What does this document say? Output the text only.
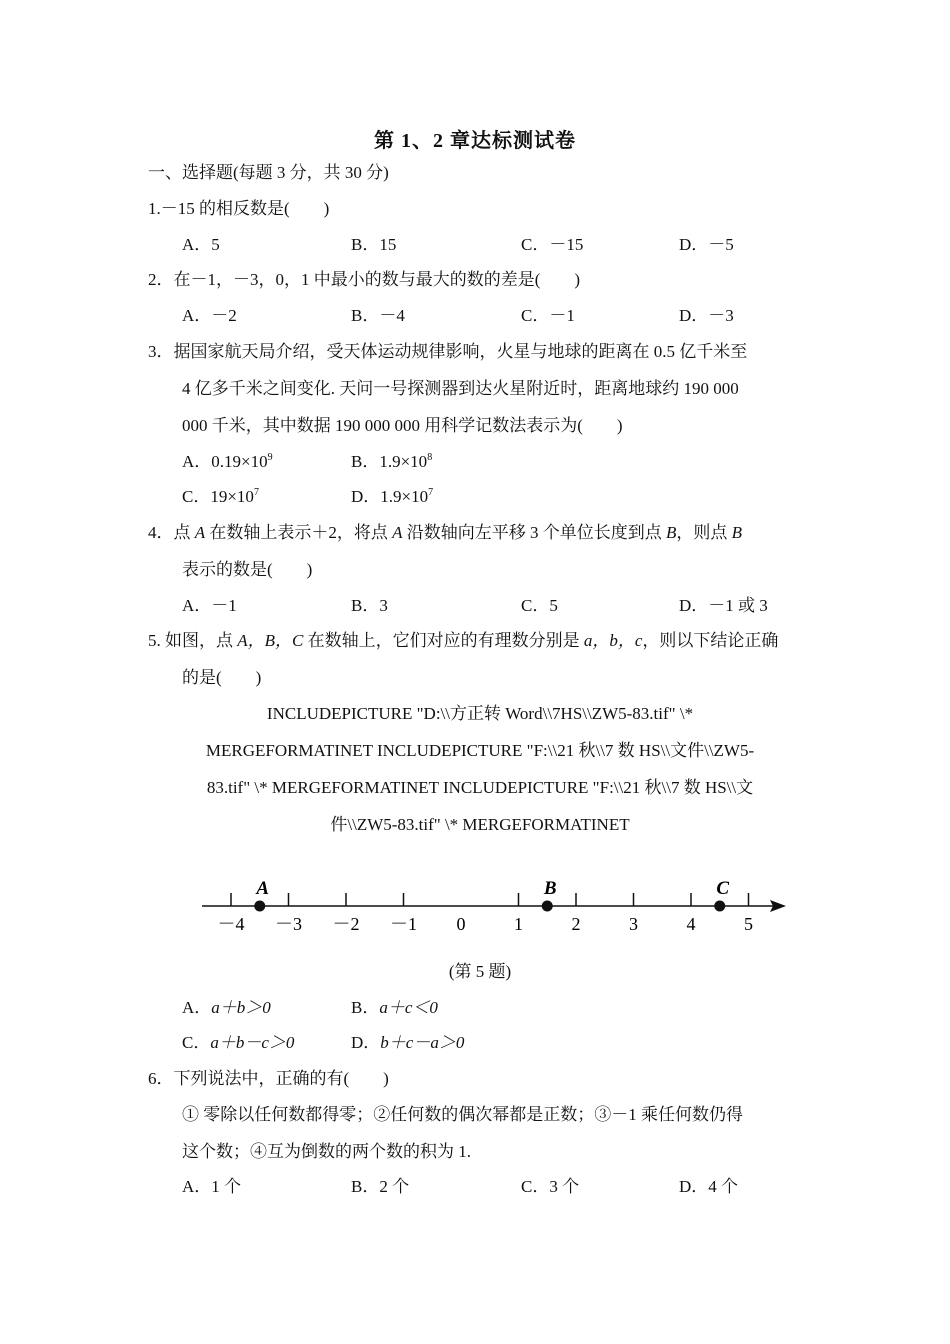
第 1、2 章达标测试卷
一、选择题(每题 3 分，共 30 分)
1.－15 的相反数是(　　)
A．5	B．15	C．－15	D．－5
2．在－1，－3，0，1 中最小的数与最大的数的差是(　　)
A．－2	B．－4	C．－1	D．－3
3．据国家航天局介绍，受天体运动规律影响，火星与地球的距离在 0.5 亿千米至
4 亿多千米之间变化. 天问一号探测器到达火星附近时，距离地球约 190 000
000 千米，其中数据 190 000 000 用科学记数法表示为(　　)
A．$0.19\times 10^9$	B．$1.9\times 10^8$
C．$19\times 10^7$	D．$1.9\times 10^7$
4．点 A 在数轴上表示＋2，将点 A 沿数轴向左平移 3 个单位长度到点 B，则点 B
表示的数是(　　)
A．－1	B．3	C．5	D．－1 或 3
5. 如图，点 A，B，C 在数轴上，它们对应的有理数分别是 a，b，c，则以下结论正确
的是(　　)
INCLUDEPICTURE "D:\\方正转 Word\\7HS\\ZW5-83.tif" \*
MERGEFORMATINET INCLUDEPICTURE "F:\\21 秋\\7 数 HS\\文件\\ZW5-
83.tif" \* MERGEFORMATINET INCLUDEPICTURE "F:\\21 秋\\7 数 HS\\文
件\\ZW5-83.tif" \* MERGEFORMATINET
－4 －3 －2 －1 0	1	2	3	4	5
A	B	C
(第 5 题)
A．a＋b＞0	B．a＋c＜0
C．a＋b－c＞0	D．b＋c－a＞0
6．下列说法中，正确的有(　　)
① 零除以任何数都得零；②任何数的偶次幂都是正数；③－1 乘任何数仍得
这个数；④互为倒数的两个数的积为 1.
A．1 个	B．2 个	C．3 个	D．4 个
